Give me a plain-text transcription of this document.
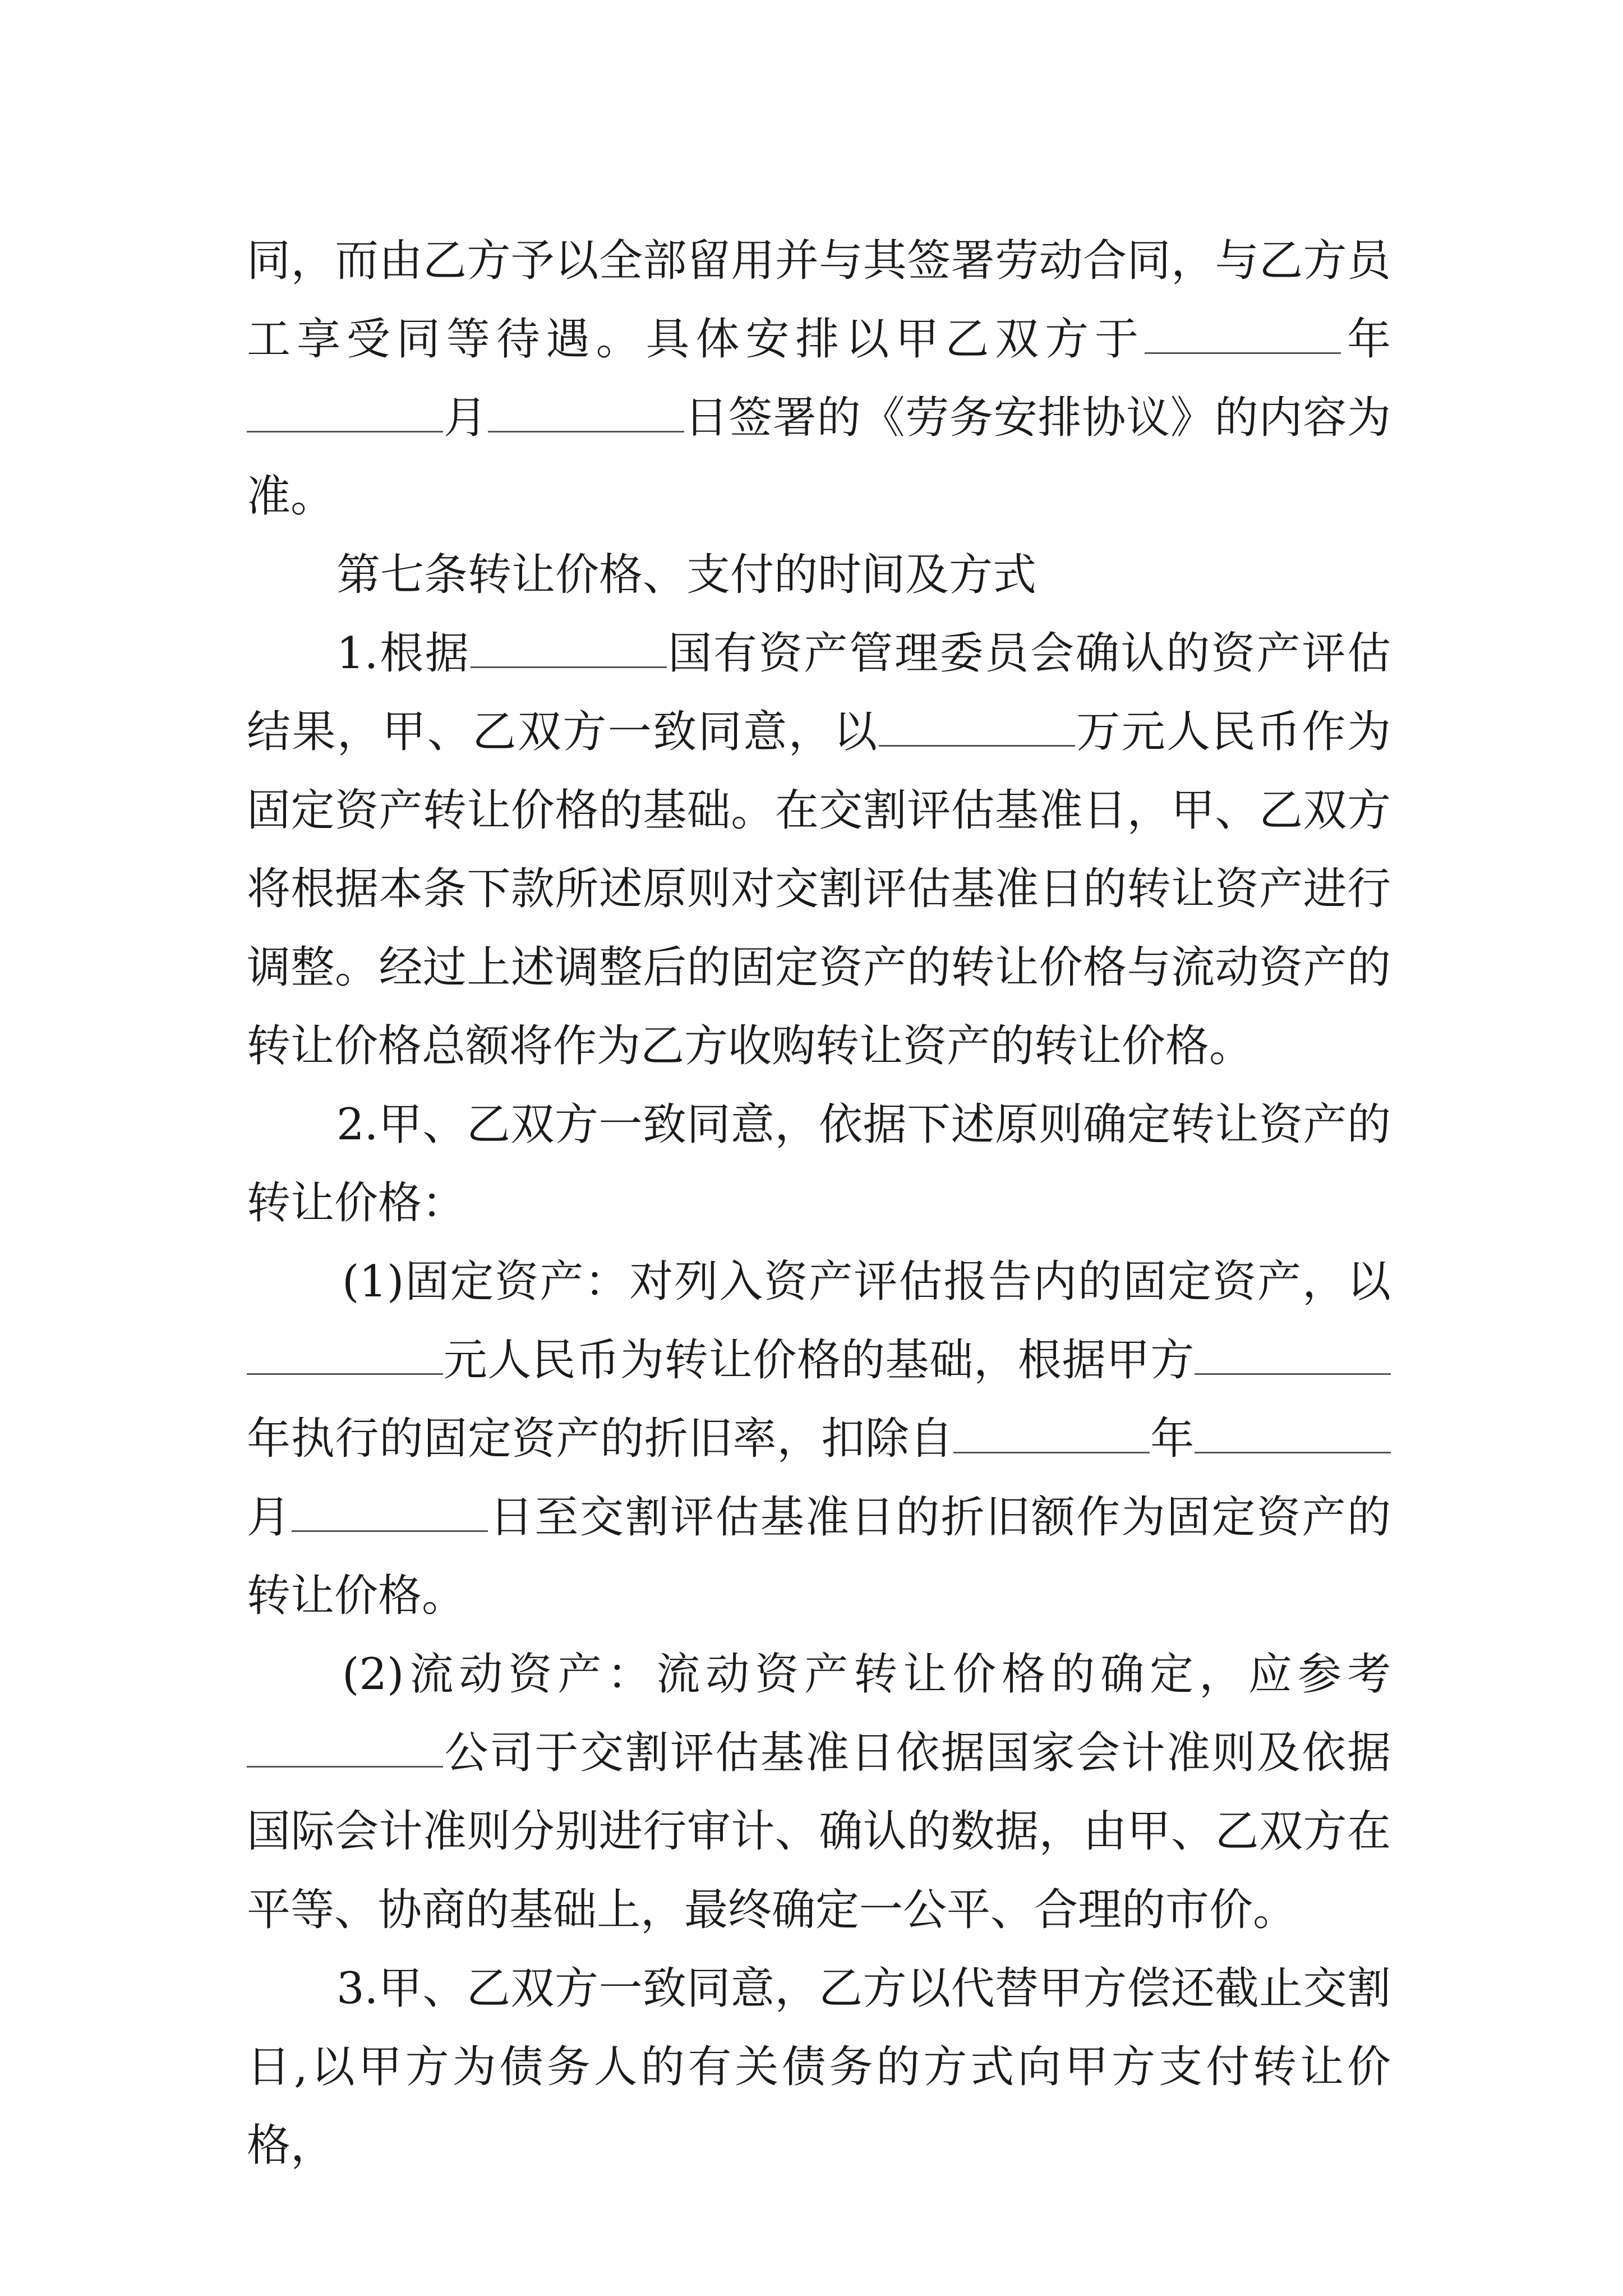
同，而由乙方予以全部留用并与其签署劳动合同，与乙方员工享受同等待遇。具体安排以甲乙双方于	年月	日签署的《劳务安排协议》的内容为准。

第七条转让价格、支付的时间及方式

1.根据	国有资产管理委员会确认的资产评估结果，甲、乙双方一致同意，以	万元人民币作为固定资产转让价格的基础。在交割评估基准日，甲、乙双方将根据本条下款所述原则对交割评估基准日的转让资产进行调整。经过上述调整后的固定资产的转让价格与流动资产的转让价格总额将作为乙方收购转让资产的转让价格。

2.甲、乙双方一致同意，依据下述原则确定转让资产的转让价格：

(1)固定资产：对列入资产评估报告内的固定资产，以元人民币为转让价格的基础，根据甲方年执行的固定资产的折旧率，扣除自	年月	日至交割评估基准日的折旧额作为固定资产的转让价格。

(2)流动资产：流动资产转让价格的确定，应参考公司于交割评估基准日依据国家会计准则及依据国际会计准则分别进行审计、确认的数据，由甲、乙双方在平等、协商的基础上，最终确定一公平、合理的市价。

3.甲、乙双方一致同意，乙方以代替甲方偿还截止交割日,以甲方为债务人的有关债务的方式向甲方支付转让价格，
